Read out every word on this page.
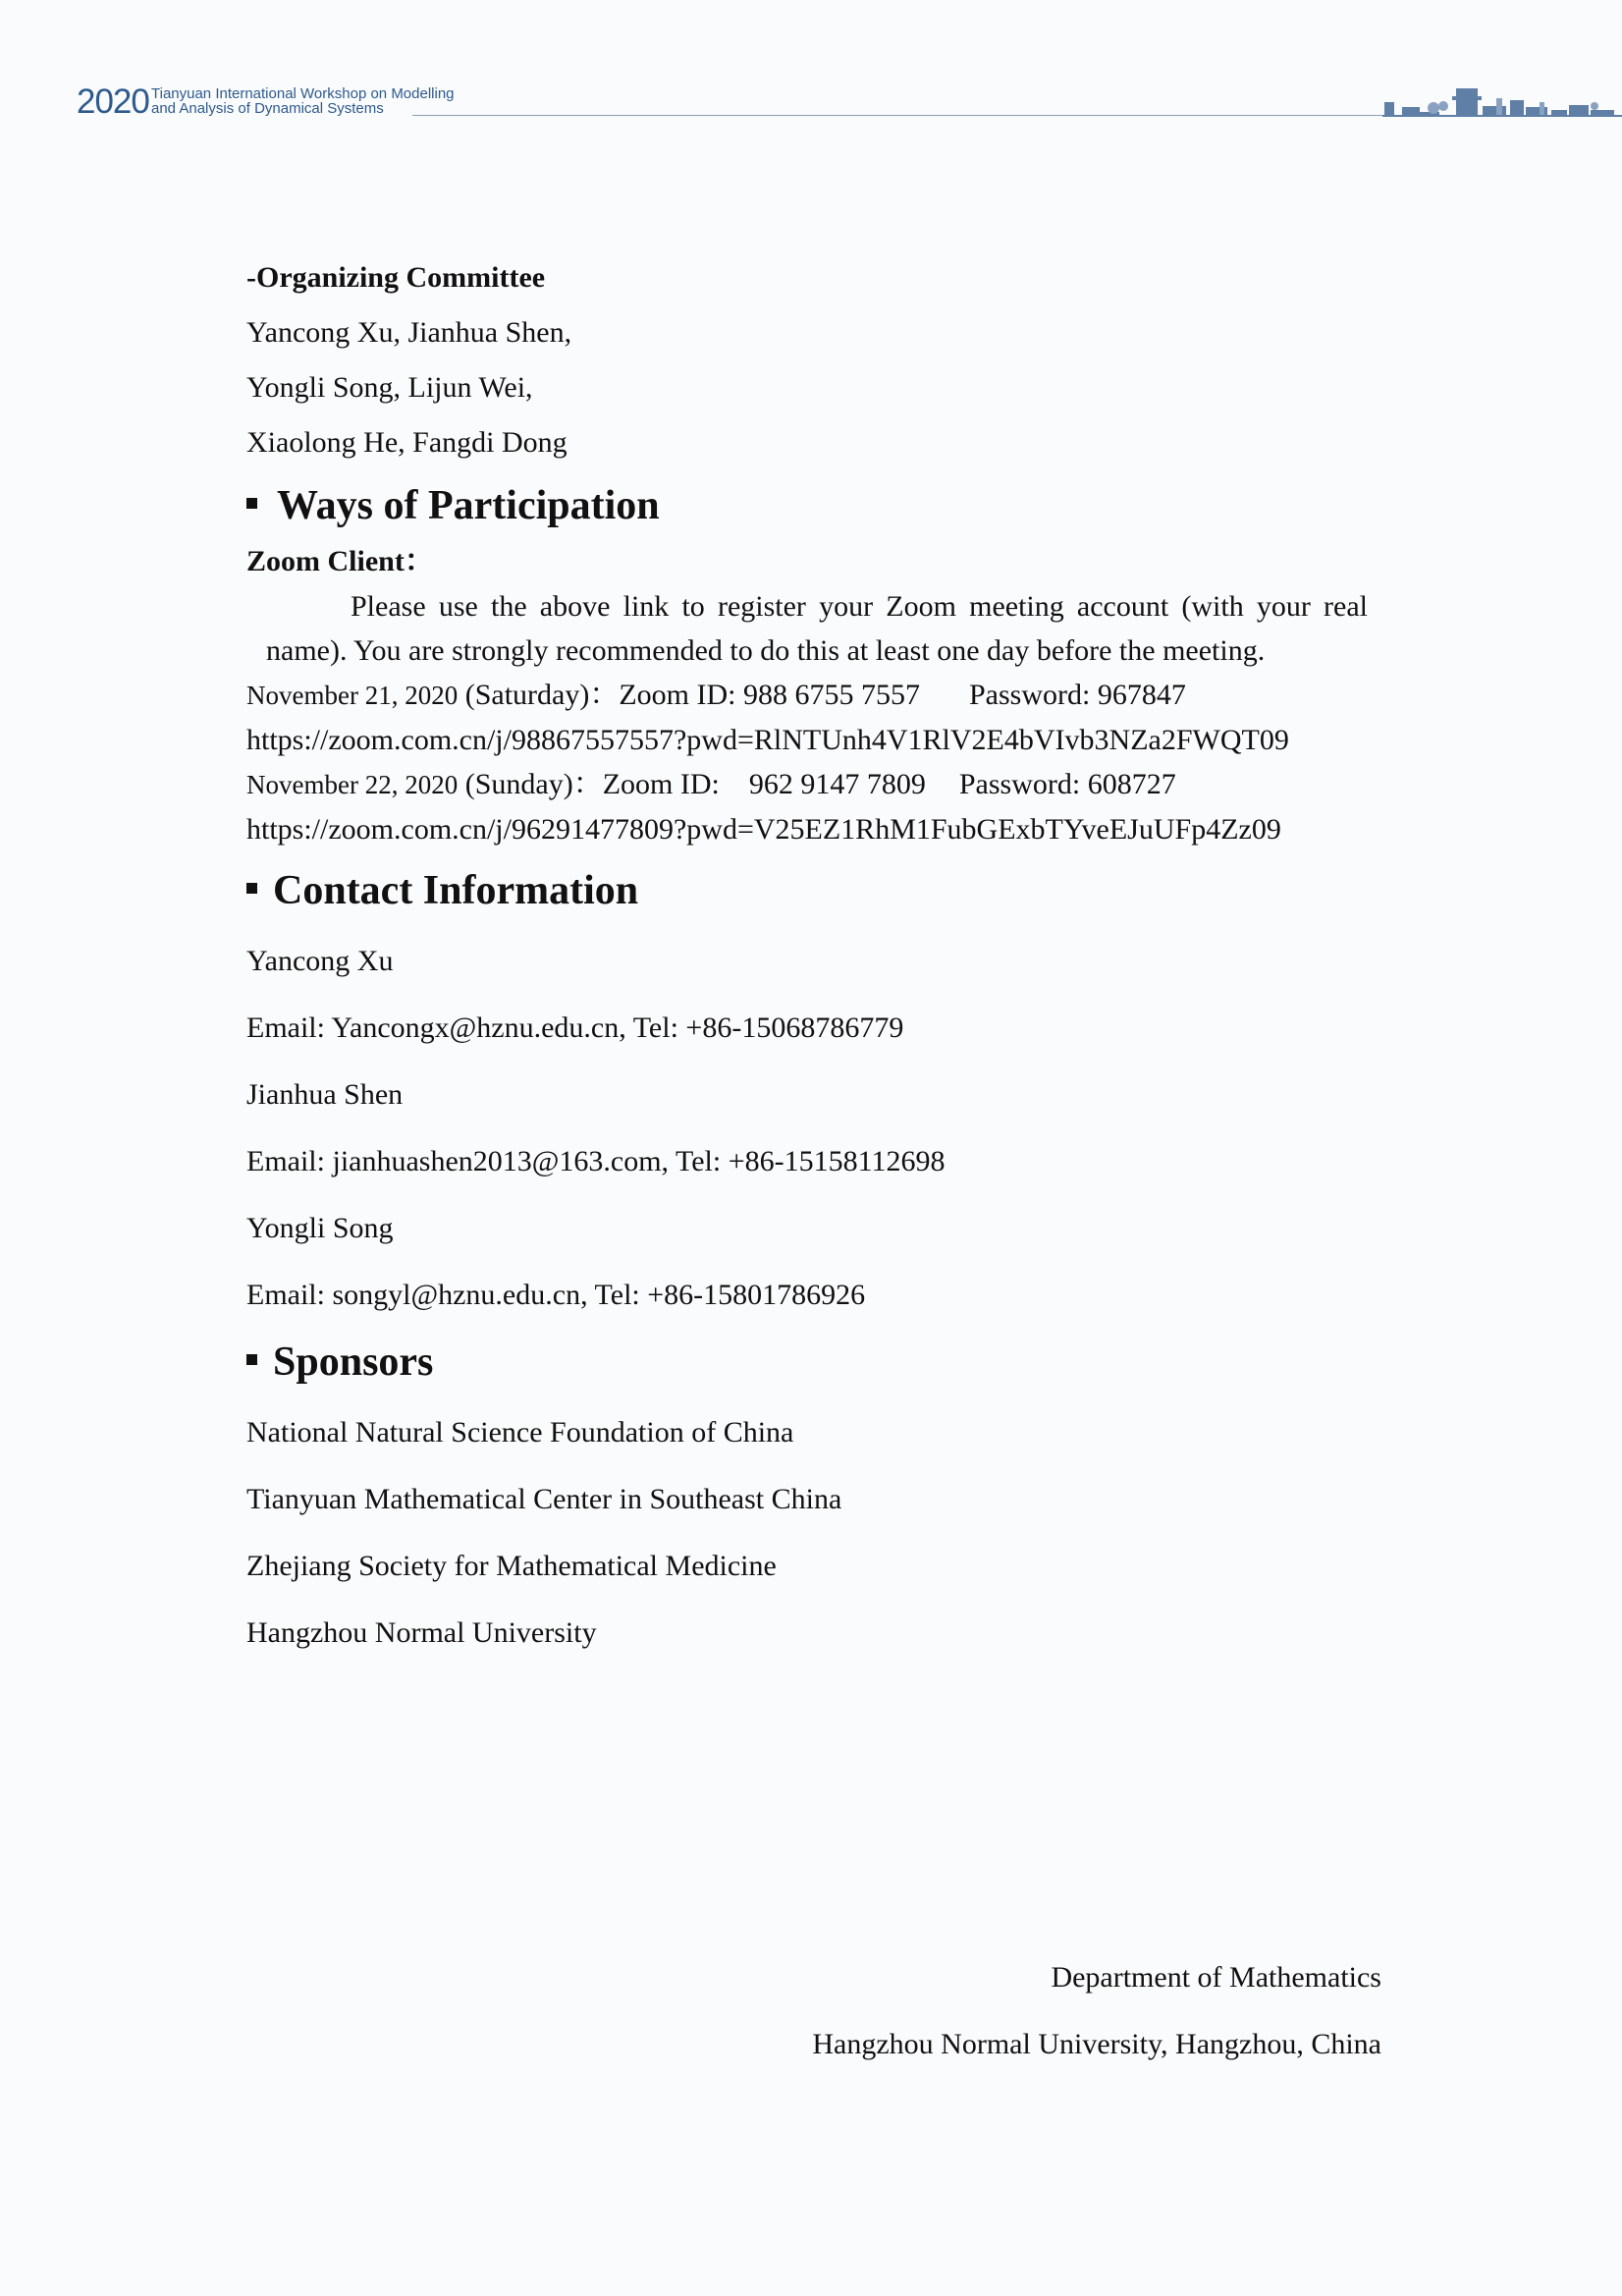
2020 Tianyuan International Workshop on Modelling
and Analysis of Dynamical Systems
-Organizing Committee
Yancong Xu, Jianhua Shen,
Yongli Song, Lijun Wei,
Xiaolong He, Fangdi Dong
Ways of Participation
Zoom Client：
Please use the above link to register your Zoom meeting account (with your real name). You are strongly recommended to do this at least one day before the meeting.
November 21, 2020 (Saturday)：Zoom ID: 988 6755 7557 Password: 967847
https://zoom.com.cn/j/98867557557?pwd=RlNTUnh4V1RlV2E4bVIvb3NZa2FWQT09
November 22, 2020 (Sunday)：Zoom ID:    962 9147 7809 Password: 608727
https://zoom.com.cn/j/96291477809?pwd=V25EZ1RhM1FubGExbTYveEJuUFp4Zz09
Contact Information
Yancong Xu
Email: Yancongx@hznu.edu.cn, Tel: +86-15068786779
Jianhua Shen
Email: jianhuashen2013@163.com, Tel: +86-15158112698
Yongli Song
Email: songyl@hznu.edu.cn, Tel: +86-15801786926
Sponsors
National Natural Science Foundation of China
Tianyuan Mathematical Center in Southeast China
Zhejiang Society for Mathematical Medicine
Hangzhou Normal University
Department of Mathematics
Hangzhou Normal University, Hangzhou, China
